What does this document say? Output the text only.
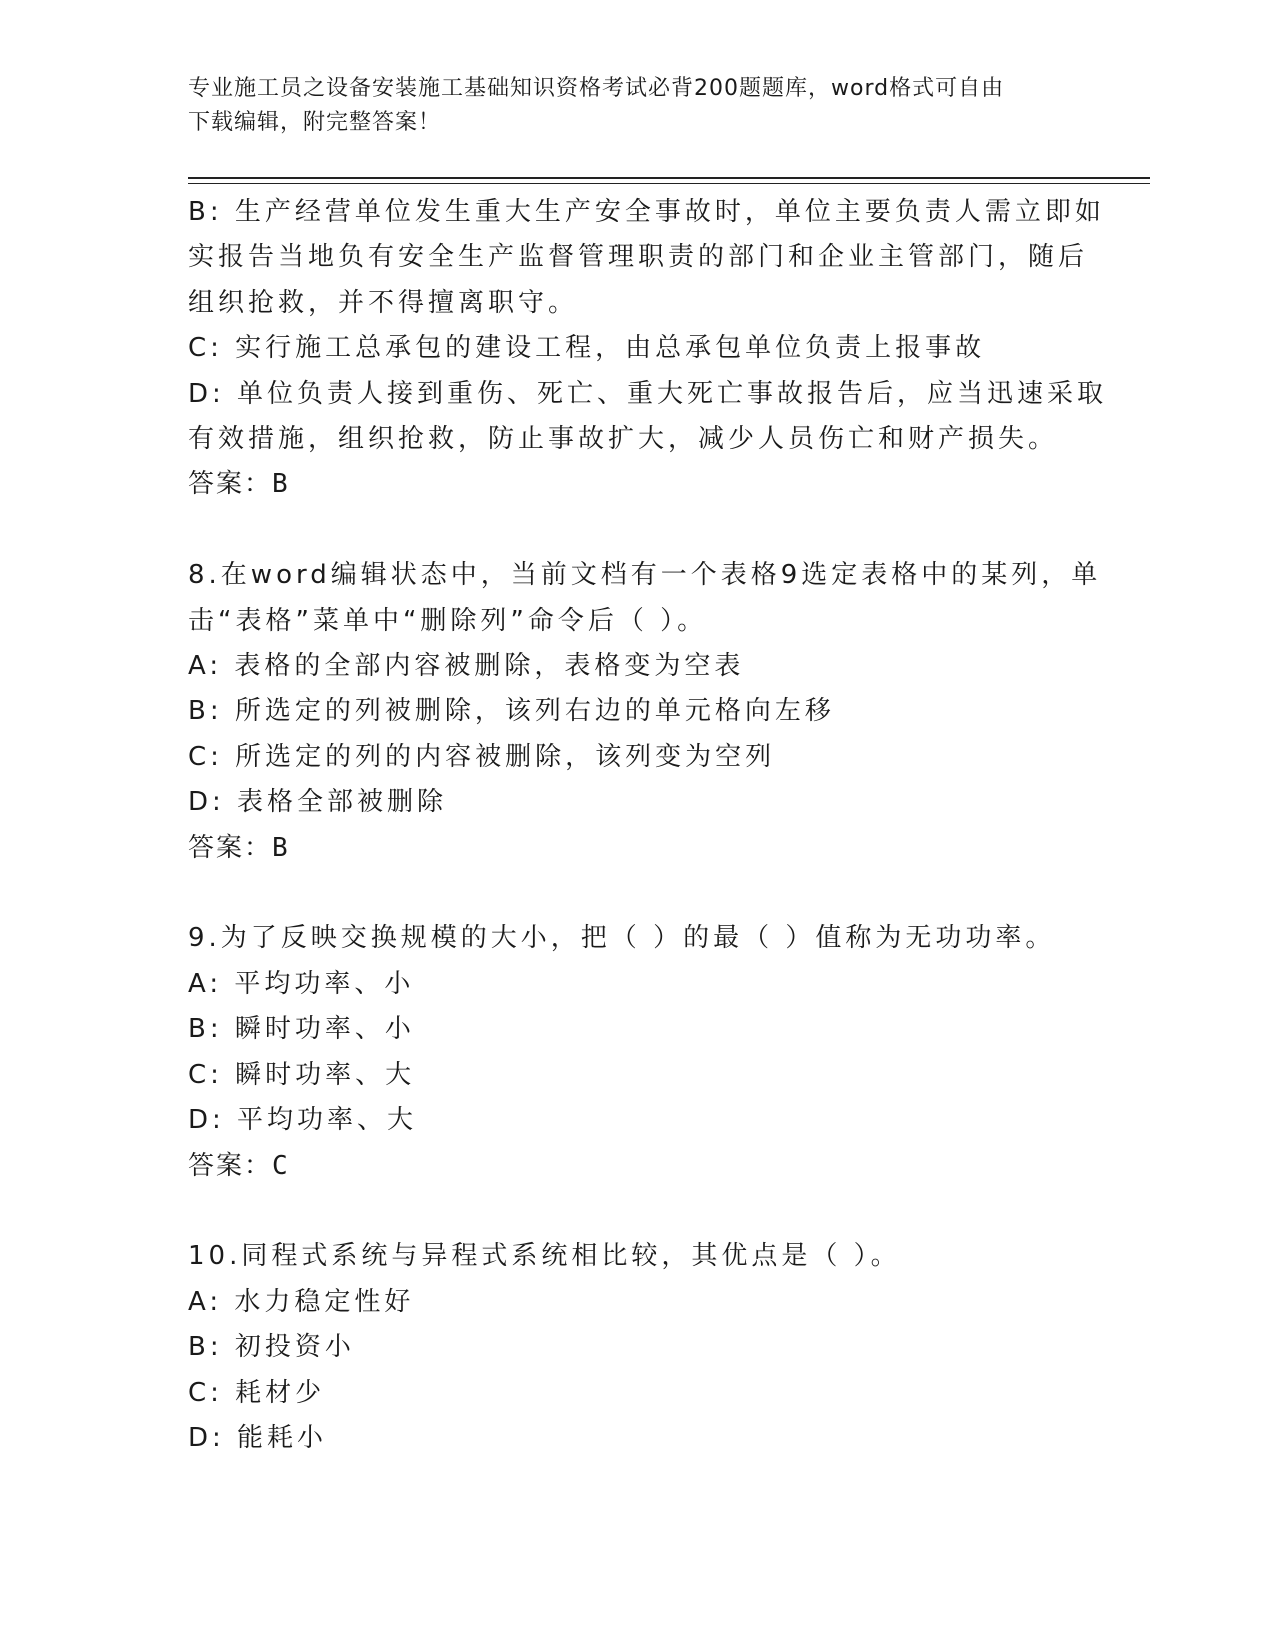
专业施工员之设备安装施工基础知识资格考试必背200题题库，word格式可自由
下载编辑，附完整答案！
B: 生产经营单位发生重大生产安全事故时，单位主要负责人需立即如
实报告当地负有安全生产监督管理职责的部门和企业主管部门，随后
组织抢救，并不得擅离职守。
C: 实行施工总承包的建设工程，由总承包单位负责上报事故
D: 单位负责人接到重伤、死亡、重大死亡事故报告后，应当迅速采取
有效措施，组织抢救，防止事故扩大，减少人员伤亡和财产损失。
答案：B
8.在word编辑状态中，当前文档有一个表格9选定表格中的某列，单
击“表格”菜单中“删除列”命令后（ ）。
A: 表格的全部内容被删除，表格变为空表
B: 所选定的列被删除，该列右边的单元格向左移
C: 所选定的列的内容被删除，该列变为空列
D: 表格全部被删除
答案：B
9.为了反映交换规模的大小，把（ ）的最（ ）值称为无功功率。
A: 平均功率、小
B: 瞬时功率、小
C: 瞬时功率、大
D: 平均功率、大
答案：C
10.同程式系统与异程式系统相比较，其优点是（ ）。
A: 水力稳定性好
B: 初投资小
C: 耗材少
D: 能耗小
